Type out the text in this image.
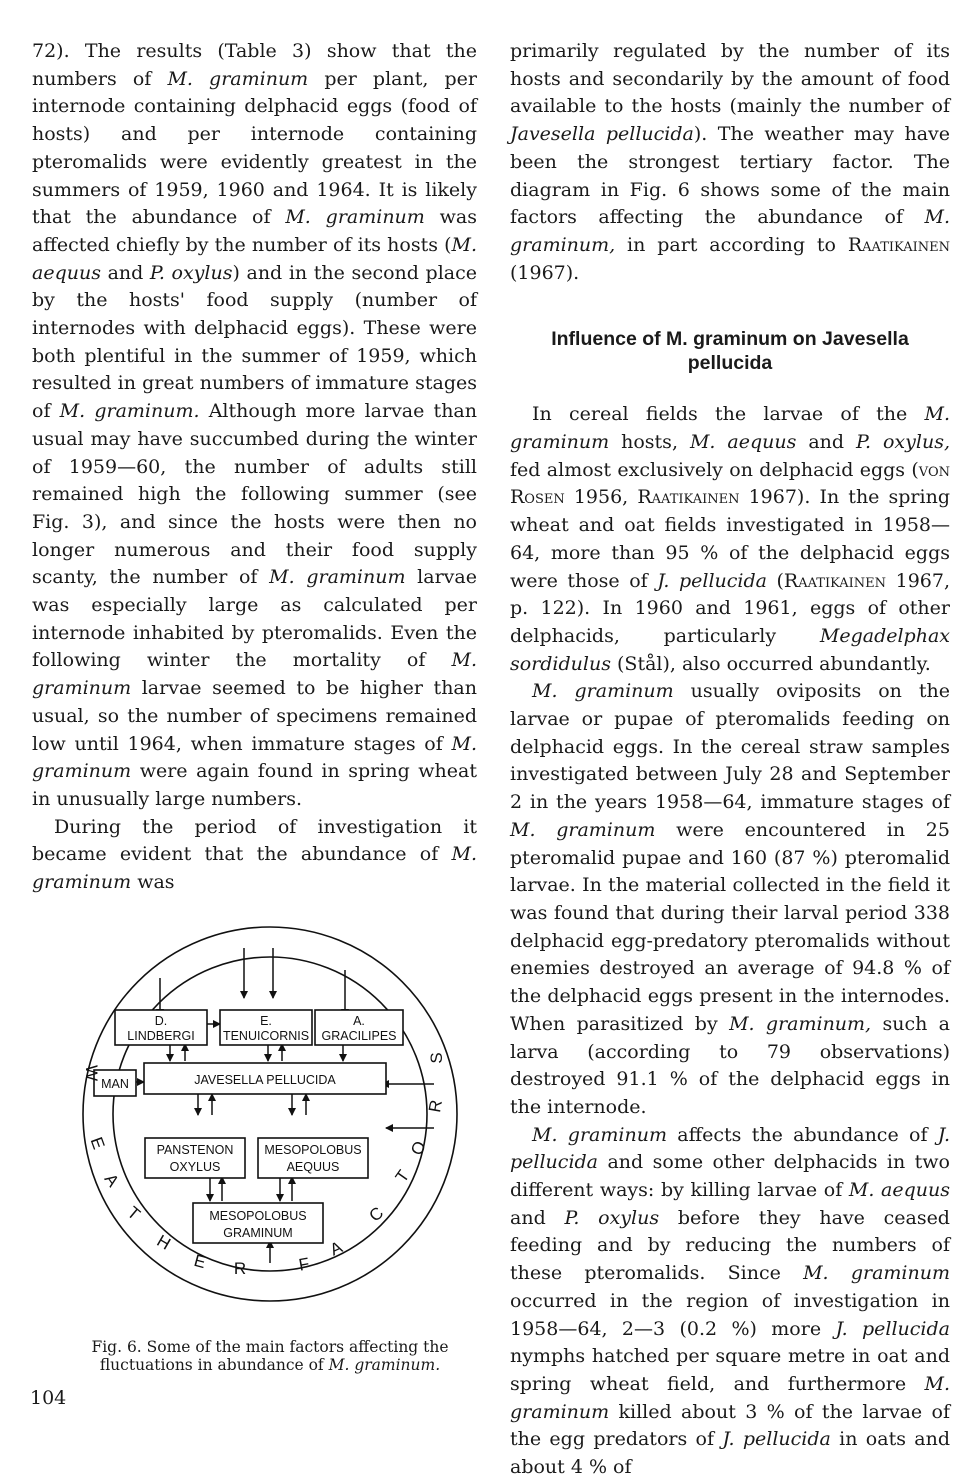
72). The results (Table 3) show that the numbers of M. graminum per plant, per internode containing delphacid eggs (food of hosts) and per internode containing pteromalids were evidently greatest in the summers of 1959, 1960 and 1964. It is likely that the abundance of M. graminum was affected chiefly by the number of its hosts (M. aequus and P. oxylus) and in the second place by the hosts' food supply (number of internodes with delphacid eggs). These were both plentiful in the summer of 1959, which resulted in great numbers of immature stages of M. graminum. Although more larvae than usual may have succumbed during the winter of 1959—60, the number of adults still remained high the following summer (see Fig. 3), and since the hosts were then no longer numerous and their food supply scanty, the number of M. graminum larvae was especially large as calculated per internode inhabited by pteromalids. Even the following winter the mortality of M. graminum larvae seemed to be higher than usual, so the number of specimens remained low until 1964, when immature stages of M. graminum were again found in spring wheat in unusually large numbers.

During the period of investigation it became evident that the abundance of M. graminum was

primarily regulated by the number of its hosts and secondarily by the amount of food available to the hosts (mainly the number of Javesella pellucida). The weather may have been the strongest tertiary factor. The diagram in Fig. 6 shows some of the main factors affecting the abundance of M. graminum, in part according to Raatikainen (1967).

Influence of M. graminum on Javesella pellucida

In cereal fields the larvae of the M. graminum hosts, M. aequus and P. oxylus, fed almost exclusively on delphacid eggs (von Rosen 1956, Raatikainen 1967). In the spring wheat and oat fields investigated in 1958—64, more than 95 % of the delphacid eggs were those of J. pellucida (Raatikainen 1967, p. 122). In 1960 and 1961, eggs of other delphacids, particularly Megadelphax sordidulus (Stål), also occurred abundantly.

M. graminum usually oviposits on the larvae or pupae of pteromalids feeding on delphacid eggs. In the cereal straw samples investigated between July 28 and September 2 in the years 1958—64, immature stages of M. graminum were encountered in 25 pteromalid pupae and 160 (87 %) pteromalid larvae. In the material collected in the field it was found that during their larval period 338 delphacid egg-predatory pteromalids without enemies destroyed an average of 94.8 % of the delphacid eggs present in the internodes. When parasitized by M. graminum, such a larva (according to 79 observations) destroyed 91.1 % of the delphacid eggs in the internode.

M. graminum affects the abundance of J. pellucida and some other delphacids in two different ways: by killing larvae of M. aequus and P. oxylus before they have ceased feeding and by reducing the numbers of these pteromalids. Since M. graminum occurred in the region of investigation in 1958—64, 2—3 (0.2 %) more J. pellucida nymphs hatched per square metre in oat and spring wheat field, and furthermore M. graminum killed about 3 % of the larvae of the egg predators of J. pellucida in oats and about 4 % of

D.
LINDBERGI
E.
TENUICORNIS
A.
GRACILIPES
MAN	JAVESELLA PELLUCIDA
PANSTENON
OXYLUS
MESOPOLOBUS
AEQUUS
MESOPOLOBUS
GRAMINUM
W
E
A
T
H
E R	F
A
C
T
O
R
S

Fig. 6. Some of the main factors affecting the fluctuations in abundance of M. graminum.

104
